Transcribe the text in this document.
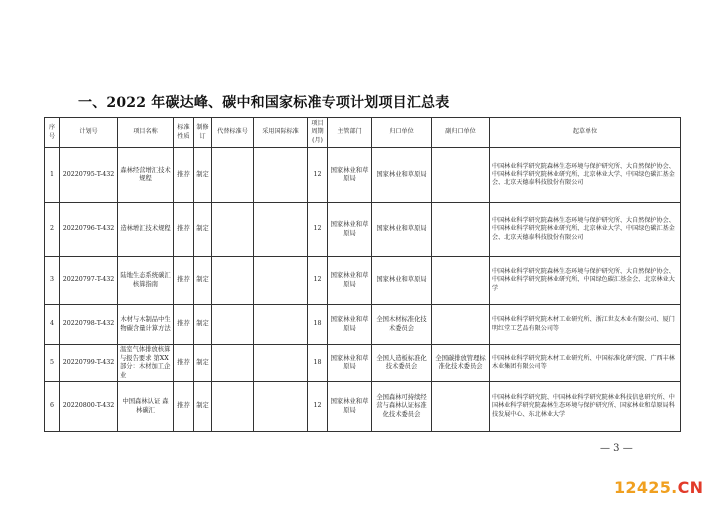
一、2022 年碳达峰、碳中和国家标准专项计划项目汇总表
序号	计划号	项目名称	标准性质	制修订	代替标准号	采用国际标准	项目周期(月)	主管部门	归口单位	副归口单位	起草单位
1	20220795-T-432	森林经营增汇技术规程	推荐	制定			12	国家林业和草原局	国家林业和草原局		中国林业科学研究院森林生态环境与保护研究所、大自然保护协会、中国林业科学研究院林业研究所、北京林业大学、中国绿色碳汇基金会、北京天德泰科技股份有限公司
2	20220796-T-432	造林增汇技术规程	推荐	制定			12	国家林业和草原局	国家林业和草原局		中国林业科学研究院森林生态环境与保护研究所、大自然保护协会、中国林业科学研究院林业研究所、北京林业大学、中国绿色碳汇基金会、北京天德泰科技股份有限公司
3	20220797-T-432	陆地生态系统碳汇核算指南	推荐	制定			12	国家林业和草原局	国家林业和草原局		中国林业科学研究院森林生态环境与保护研究所、大自然保护协会、中国林业科学研究院林业研究所、中国绿色碳汇基金会、北京林业大学
4	20220798-T-432	木材与木制品中生物碳含量计算方法	推荐	制定			18	国家林业和草原局	全国木材标准化技术委员会		中国林业科学研究院木材工业研究所、浙江世友木业有限公司、厦门明红堂工艺品有限公司等
5	20220799-T-432	温室气体排放核算与报告要求 第XX部分：木材加工企业	推荐	制定			18	国家林业和草原局	全国人造板标准化技术委员会	全国碳排放管理标准化技术委员会	中国林业科学研究院木材工业研究所、中国标准化研究院、广西丰林木业集团有限公司等
6	20220800-T-432	中国森林认证 森林碳汇	推荐	制定			12	国家林业和草原局	全国森林可持续经营与森林认证标准化技术委员会		中国林业科学研究院、中国林业科学研究院林业科技信息研究所、中国林业科学研究院森林生态环境与保护研究所、国家林业和草原局科技发展中心、东北林业大学
— 3 —
12425.CN
